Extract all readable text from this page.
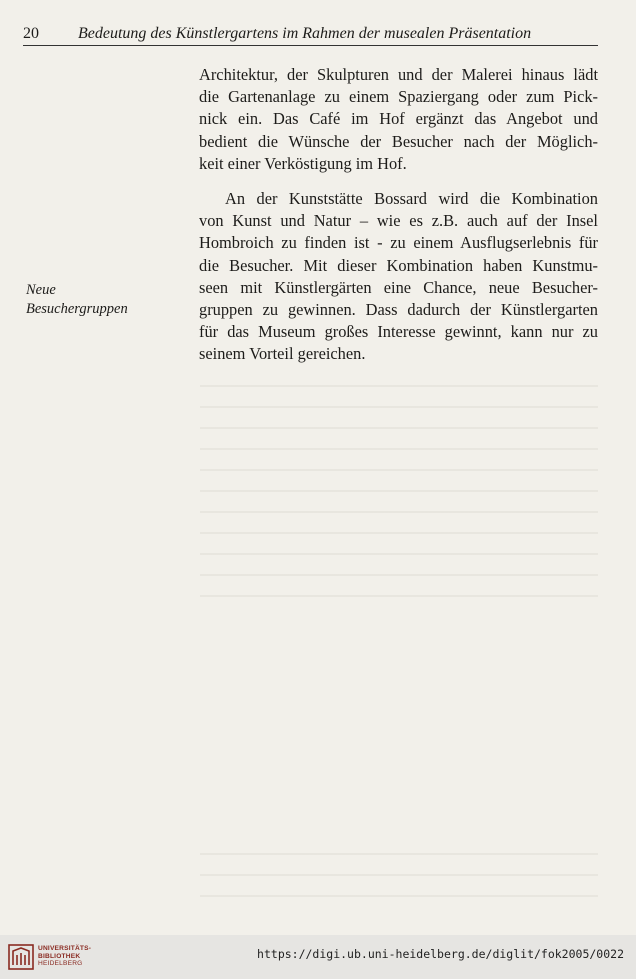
20 Bedeutung des Künstlergartens im Rahmen der musealen Präsentation
Architektur, der Skulpturen und der Malerei hinaus lädt
die Gartenanlage zu einem Spaziergang oder zum Pick-
nick ein. Das Café im Hof ergänzt das Angebot und
bedient die Wünsche der Besucher nach der Möglich-
keit einer Verköstigung im Hof.
An der Kunststätte Bossard wird die Kombination
von Kunst und Natur – wie es z.B. auch auf der Insel
Hombroich zu finden ist - zu einem Ausflugserlebnis für
die Besucher. Mit dieser Kombination haben Kunstmu-
seen mit Künstlergärten eine Chance, neue Besucher-
gruppen zu gewinnen. Dass dadurch der Künstlergarten
für das Museum großes Interesse gewinnt, kann nur zu
seinem Vorteil gereichen.
Neue
Besuchergruppen
UNIVERSITÄTS-
BIBLIOTHEK
HEIDELBERG
https://digi.ub.uni-heidelberg.de/diglit/fok2005/0022
